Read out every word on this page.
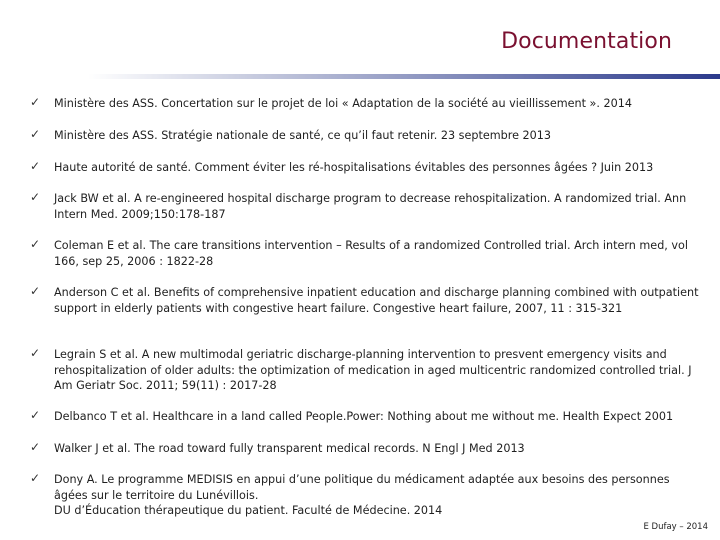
Documentation
✓ Ministère des ASS. Concertation sur le projet de loi « Adaptation de la société au vieillissement ». 2014
✓ Ministère des ASS. Stratégie nationale de santé, ce qu’il faut retenir. 23 septembre 2013
✓ Haute autorité de santé. Comment éviter les ré-hospitalisations évitables des personnes âgées ? Juin 2013
✓ Jack BW et al. A re-engineered hospital discharge program to decrease rehospitalization. A randomized trial. Ann Intern Med. 2009;150:178-187
✓ Coleman E et al. The care transitions intervention – Results of a randomized Controlled trial. Arch intern med, vol 166, sep 25, 2006 : 1822-28
✓ Anderson C et al. Benefits of comprehensive inpatient education and discharge planning combined with outpatient support in elderly patients with congestive heart failure. Congestive heart failure, 2007, 11 : 315-321
✓ Legrain S et al. A new multimodal geriatric discharge-planning intervention to presvent emergency visits and rehospitalization of older adults: the optimization of medication in aged multicentric randomized controlled trial. J Am Geriatr Soc. 2011; 59(11) : 2017-28
✓ Delbanco T et al. Healthcare in a land called People.Power: Nothing about me without me. Health Expect 2001
✓ Walker J et al. The road toward fully transparent medical records. N Engl J Med 2013
✓ Dony A. Le programme MEDISIS en appui d’une politique du médicament adaptée aux besoins des personnes âgées sur le territoire du Lunévillois.
DU d’Éducation thérapeutique du patient. Faculté de Médecine. 2014
E Dufay – 2014
